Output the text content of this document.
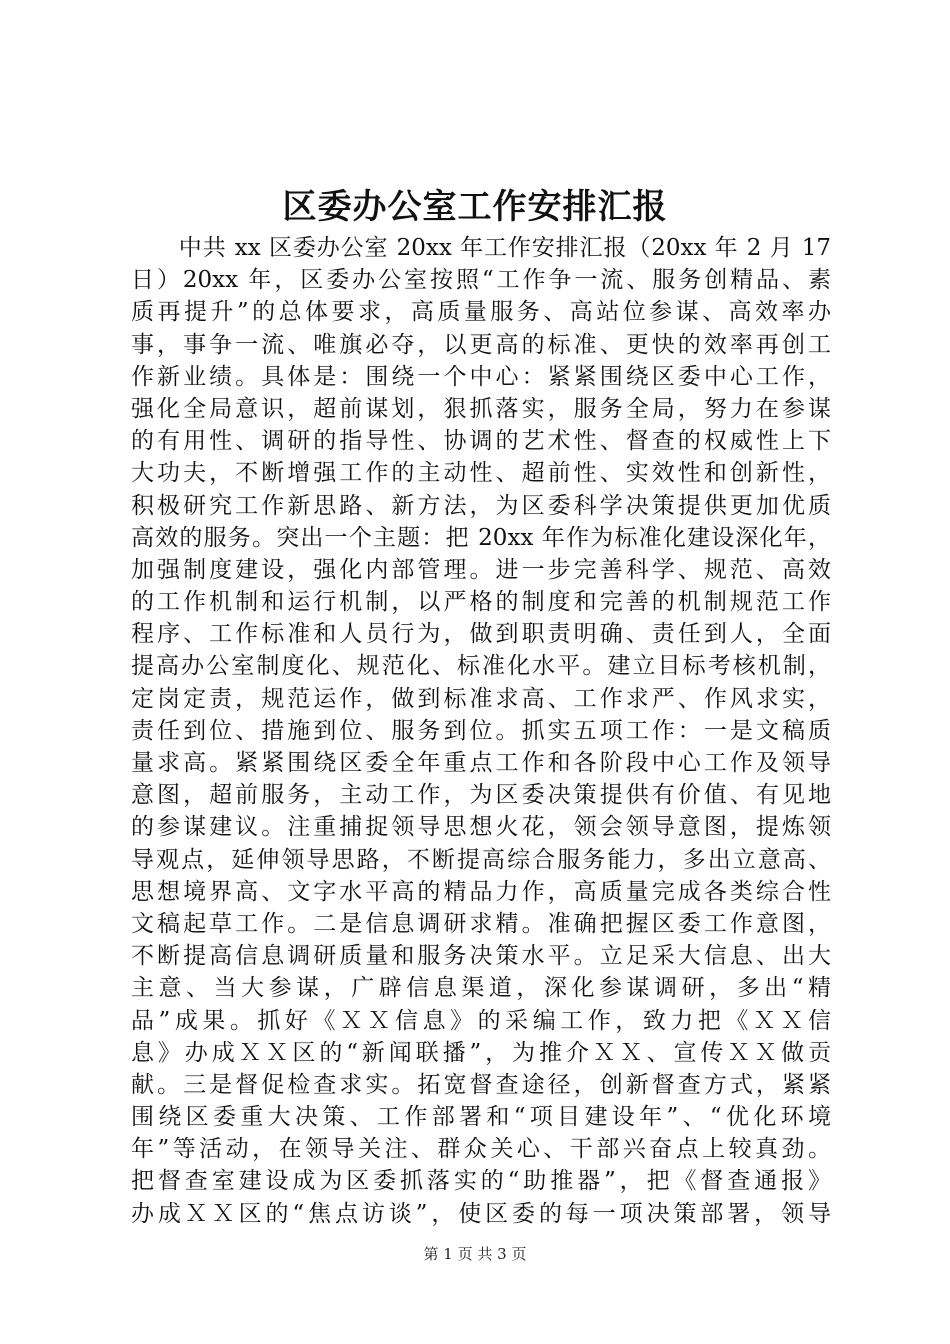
区委办公室工作安排汇报
　　中共 xx 区委办公室 20xx 年工作安排汇报（20xx 年 2 月 17
日）20xx 年，区委办公室按照“工作争一流、服务创精品、素
质再提升”的总体要求，高质量服务、高站位参谋、高效率办
事，事争一流、唯旗必夺，以更高的标准、更快的效率再创工
作新业绩。具体是：围绕一个中心：紧紧围绕区委中心工作，
强化全局意识，超前谋划，狠抓落实，服务全局，努力在参谋
的有用性、调研的指导性、协调的艺术性、督查的权威性上下
大功夫，不断增强工作的主动性、超前性、实效性和创新性，
积极研究工作新思路、新方法，为区委科学决策提供更加优质
高效的服务。突出一个主题：把 20xx 年作为标准化建设深化年，
加强制度建设，强化内部管理。进一步完善科学、规范、高效
的工作机制和运行机制，以严格的制度和完善的机制规范工作
程序、工作标准和人员行为，做到职责明确、责任到人，全面
提高办公室制度化、规范化、标准化水平。建立目标考核机制，
定岗定责，规范运作，做到标准求高、工作求严、作风求实，
责任到位、措施到位、服务到位。抓实五项工作：一是文稿质
量求高。紧紧围绕区委全年重点工作和各阶段中心工作及领导
意图，超前服务，主动工作，为区委决策提供有价值、有见地
的参谋建议。注重捕捉领导思想火花，领会领导意图，提炼领
导观点，延伸领导思路，不断提高综合服务能力，多出立意高、
思想境界高、文字水平高的精品力作，高质量完成各类综合性
文稿起草工作。二是信息调研求精。准确把握区委工作意图，
不断提高信息调研质量和服务决策水平。立足采大信息、出大
主意、当大参谋，广辟信息渠道，深化参谋调研，多出“精
品”成果。抓好《ＸＸ信息》的采编工作，致力把《ＸＸ信
息》办成ＸＸ区的“新闻联播”，为推介ＸＸ、宣传ＸＸ做贡
献。三是督促检查求实。拓宽督查途径，创新督查方式，紧紧
围绕区委重大决策、工作部署和“项目建设年”、“优化环境
年”等活动，在领导关注、群众关心、干部兴奋点上较真劲。
把督查室建设成为区委抓落实的“助推器”，把《督查通报》
办成ＸＸ区的“焦点访谈”，使区委的每一项决策部署，领导
第 1 页 共 3 页
